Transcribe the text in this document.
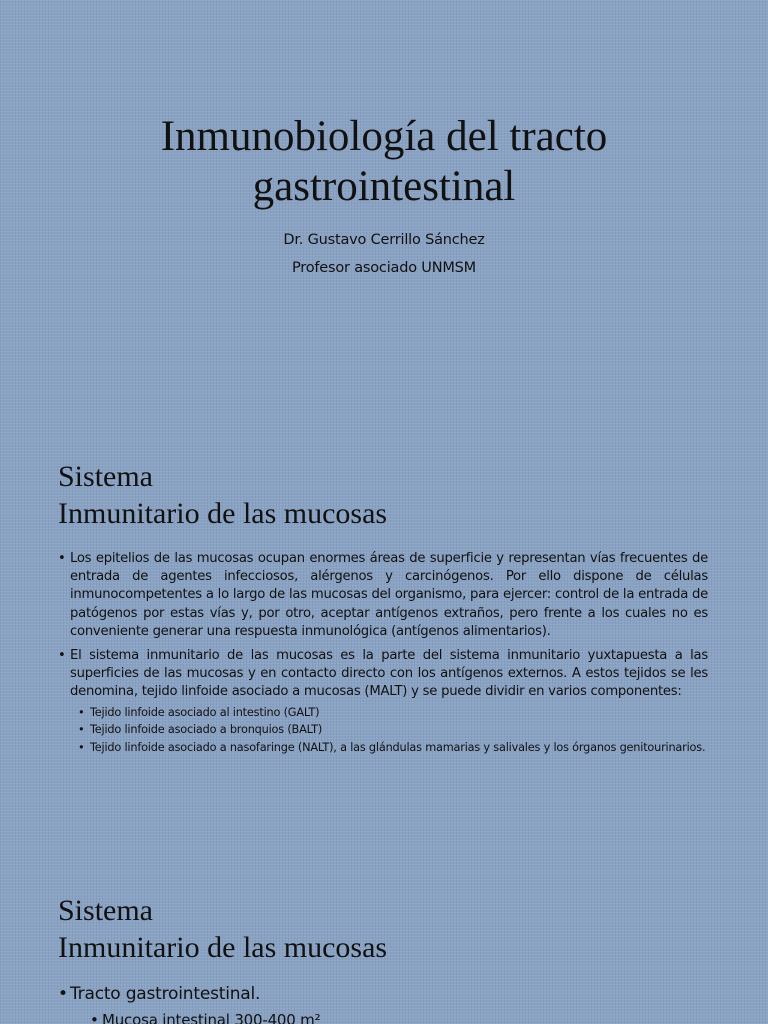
Inmunobiología del tracto
gastrointestinal
Dr. Gustavo Cerrillo Sánchez
Profesor asociado UNMSM
Sistema
Inmunitario de las mucosas
• Los epitelios de las mucosas ocupan enormes áreas de superficie y representan vías frecuentes de entrada de agentes infecciosos, alérgenos y carcinógenos. Por ello dispone de células inmunocompetentes a lo largo de las mucosas del organismo, para ejercer: control de la entrada de patógenos por estas vías y, por otro, aceptar antígenos extraños, pero frente a los cuales no es conveniente generar una respuesta inmunológica (antígenos alimentarios).
• El sistema inmunitario de las mucosas es la parte del sistema inmunitario yuxtapuesta a las superficies de las mucosas y en contacto directo con los antígenos externos. A estos tejidos se les denomina, tejido linfoide asociado a mucosas (MALT) y se puede dividir en varios componentes:
• Tejido linfoide asociado al intestino (GALT)
• Tejido linfoide asociado a bronquios (BALT)
• Tejido linfoide asociado a nasofaringe (NALT), a las glándulas mamarias y salivales y los órganos genitourinarios.
Sistema
Inmunitario de las mucosas
• Tracto gastrointestinal.
• Mucosa intestinal 300-400 m²
